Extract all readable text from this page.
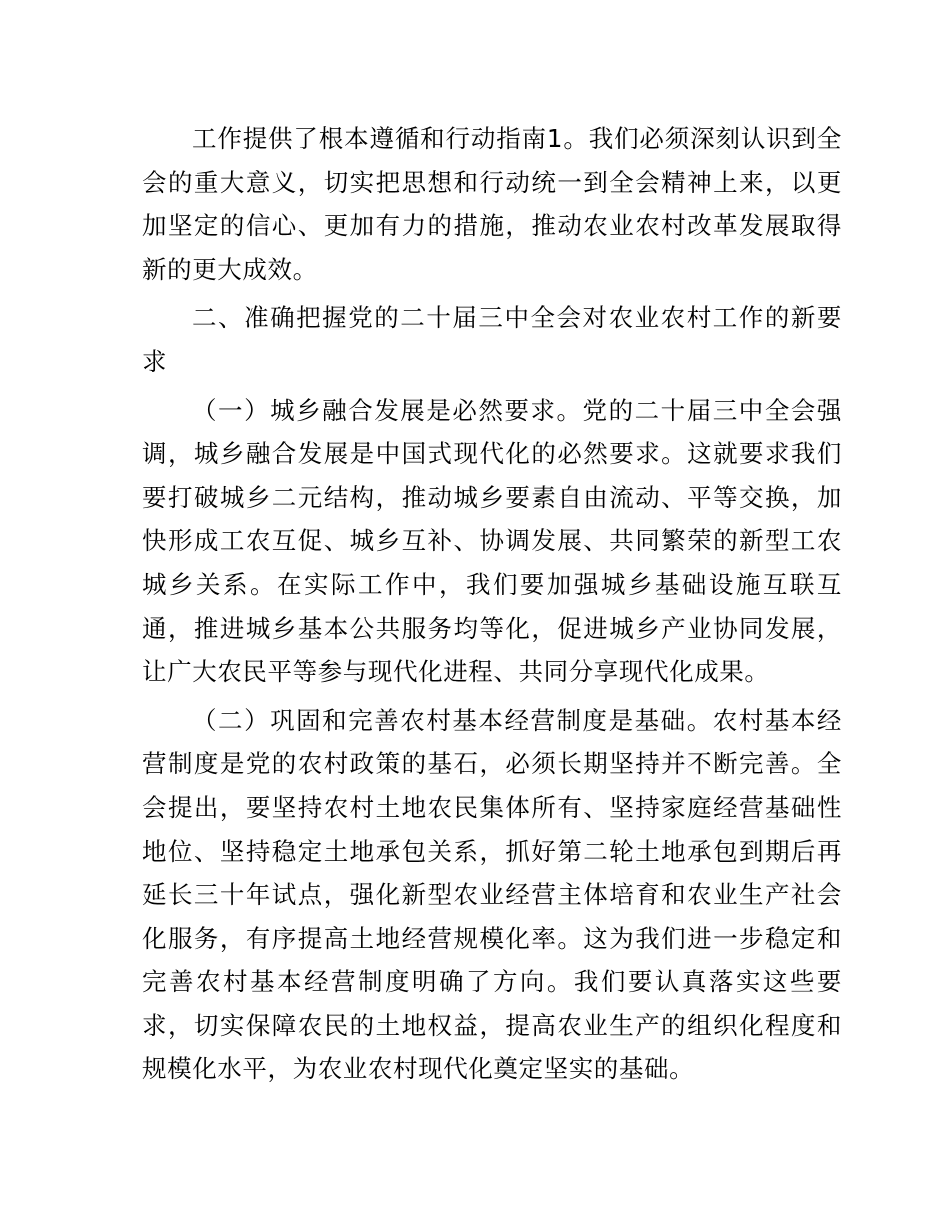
工作提供了根本遵循和行动指南1。我们必须深刻认识到全会的重大意义，切实把思想和行动统一到全会精神上来，以更加坚定的信心、更加有力的措施，推动农业农村改革发展取得新的更大成效。

二、准确把握党的二十届三中全会对农业农村工作的新要求

（一）城乡融合发展是必然要求。党的二十届三中全会强调，城乡融合发展是中国式现代化的必然要求。这就要求我们要打破城乡二元结构，推动城乡要素自由流动、平等交换，加快形成工农互促、城乡互补、协调发展、共同繁荣的新型工农城乡关系。在实际工作中，我们要加强城乡基础设施互联互通，推进城乡基本公共服务均等化，促进城乡产业协同发展，让广大农民平等参与现代化进程、共同分享现代化成果。

（二）巩固和完善农村基本经营制度是基础。农村基本经营制度是党的农村政策的基石，必须长期坚持并不断完善。全会提出，要坚持农村土地农民集体所有、坚持家庭经营基础性地位、坚持稳定土地承包关系，抓好第二轮土地承包到期后再延长三十年试点，强化新型农业经营主体培育和农业生产社会化服务，有序提高土地经营规模化率。这为我们进一步稳定和完善农村基本经营制度明确了方向。我们要认真落实这些要求，切实保障农民的土地权益，提高农业生产的组织化程度和规模化水平，为农业农村现代化奠定坚实的基础。
